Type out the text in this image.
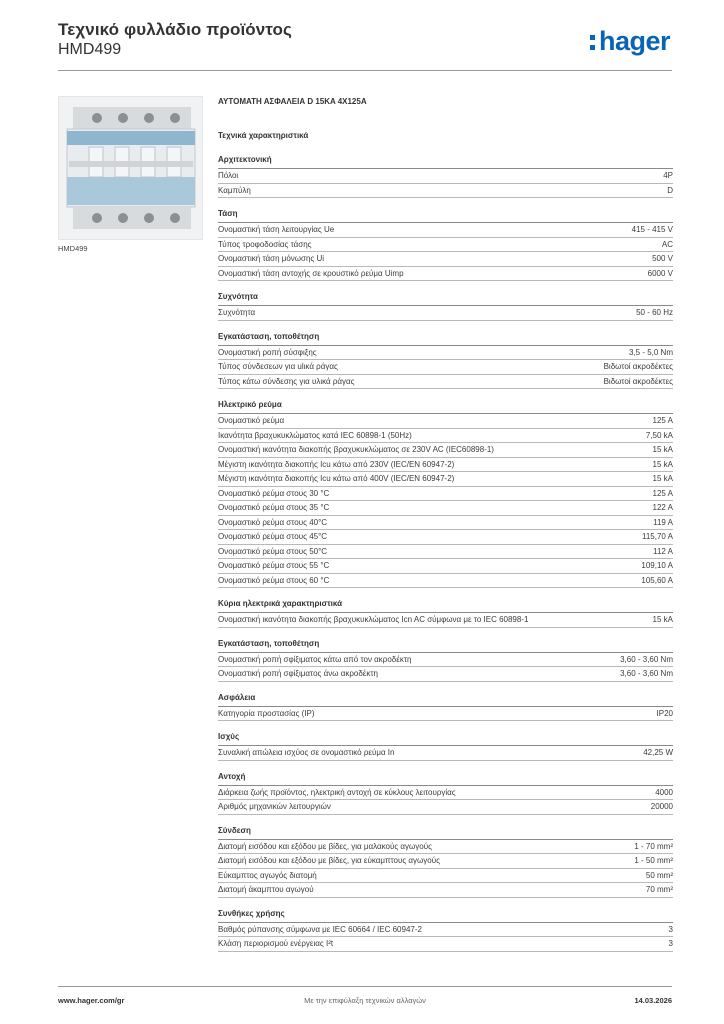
Τεχνικό φυλλάδιο προϊόντος
HMD499	hager
HMD499
ΑΥΤΟΜΑΤΗ ΑΣΦΑΛΕΙΑ D 15KA 4X125A
Τεχνικά χαρακτηριστικά
Αρχιτεκτονική
Πόλοι	4P
Καμπύλη	D
Τάση
Ονομαστική τάση λειτουργίας Ue	415 - 415 V
Τύπος τροφοδοσίας τάσης	AC
Ονομαστική τάση μόνωσης Ui	500 V
Ονομαστική τάση αντοχής σε κρουστικό ρεύμα Uimp	6000 V
Συχνότητα
Συχνότητα	50 - 60 Hz
Εγκατάσταση, τοποθέτηση
Ονομαστική ροπή σύσφιξης	3,5 - 5,0 Nm
Τύπος σύνδεσεων για ulικά ράγας	Βιδωτοί ακροδέκτες
Τύπος κάτω σύνδεσης για υλικά ράγας	Βιδωτοί ακροδέκτες
Ηλεκτρικό ρεύμα
Ονομαστικό ρεύμα	125 A
Ικανότητα βραχυκυκλώματος κατά IEC 60898-1 (50Hz)	7,50 kA
Ονομαστική ικανότητα διακοπής βραχυκυκλώματος σε 230V AC (IEC60898-1)	15 kA
Μέγιστη ικανότητα διακοπής Icu κάτω από 230V (IEC/EN 60947-2)	15 kA
Μέγιστη ικανότητα διακοπής Icu κάτω από 400V (IEC/EN 60947-2)	15 kA
Ονομαστικό ρεύμα στους 30 °C	125 A
Ονομαστικό ρεύμα στους 35 °C	122 A
Ονομαστικό ρεύμα στους 40°C	119 A
Ονομαστικό ρεύμα στους 45°C	115,70 A
Ονομαστικό ρεύμα στους 50°C	112 A
Ονομαστικό ρεύμα στους 55 °C	109,10 A
Ονομαστικό ρεύμα στους 60 °C	105,60 A
Κύρια ηλεκτρικά χαρακτηριστικά
Ονομαστική ικανότητα διακοπής βραχυκυκλώματος Icn AC σύμφωνα με το IEC 60898-1	15 kA
Εγκατάσταση, τοποθέτηση
Ονομαστική ροπή σφίξιματος κάτω από τον ακροδέκτη	3,60 - 3,60 Nm
Ονομαστική ροπή σφίξιματος άνω ακροδέκτη	3,60 - 3,60 Nm
Ασφάλεια
Κατηγορία προστασίας (IP)	IP20
Ισχύς
Συναλική απώλεια ισχύος σε ονομαστικό ρεύμα In	42,25 W
Αντοχή
Διάρκεια ζωής προϊόντος, ηλεκτρική αντοχή σε κύκλους λειτουργίας	4000
Αριθμός μηχανικών λειτουργιών	20000
Σύνδεση
Διατομή εισόδου και εξόδου με βίδες, για μαλακούς αγωγούς	1 - 70 mm²
Διατομή εισόδου και εξόδου με βίδες, για εύκαμπτους αγωγούς	1 - 50 mm²
Εύκαμπτος αγωγός διατομή	50 mm²
Διατομή άκαμπτου αγωγού	70 mm²
Συνθήκες χρήσης
Βαθμός ρύπανσης σύμφωνα με IEC 60664 / IEC 60947-2	3
Κλάση περιορισμού ενέργειας I²t	3
www.hager.com/gr	Με την επιφύλαξη τεχνικών αλλαγών	14.03.2026
